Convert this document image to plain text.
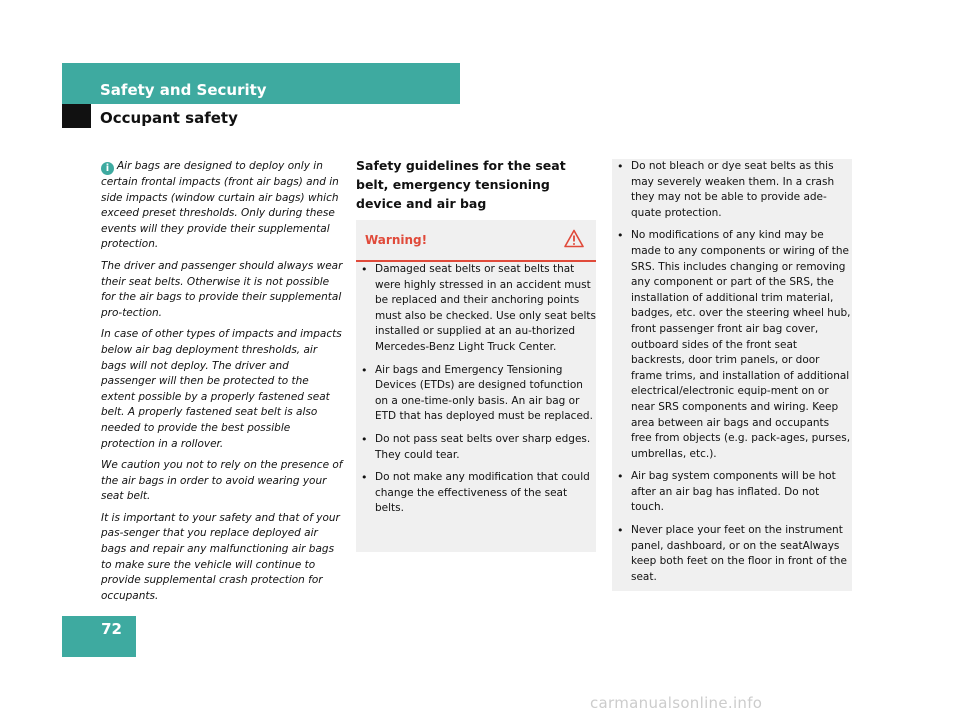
Safety and Security
Occupant safety

i Air bags are designed to deploy only in certain frontal impacts (front air bags) and in side impacts (window curtain air bags) which exceed preset thresholds. Only during these events will they provide their supplemental protection.

The driver and passenger should always wear their seat belts. Otherwise it is not possible for the air bags to provide their supplemental pro-tection.

In case of other types of impacts and impacts below air bag deployment thresholds, air bags will not deploy. The driver and passenger will then be protected to the extent possible by a properly fastened seat belt. A properly fastened seat belt is also needed to provide the best possible protection in a rollover.

We caution you not to rely on the presence of the air bags in order to avoid wearing your seat belt.

It is important to your safety and that of your pas-senger that you replace deployed air bags and repair any malfunctioning air bags to make sure the vehicle will continue to provide supplemental crash protection for occupants.

Safety guidelines for the seat belt, emergency tensioning device and air bag
Warning!
• Damaged seat belts or seat belts that were highly stressed in an accident must be replaced and their anchoring points must also be checked. Use only seat belts installed or supplied at an au-thorized Mercedes-Benz Light Truck Center.
• Air bags and Emergency Tensioning Devices (ETDs) are designed tofunction on a one-time-only basis. An air bag or ETD that has deployed must be replaced.
• Do not pass seat belts over sharp edges. They could tear.
• Do not make any modification that could change the effectiveness of the seat belts.
• Do not bleach or dye seat belts as this may severely weaken them. In a crash they may not be able to provide ade-quate protection.
• No modifications of any kind may be made to any components or wiring of the SRS. This includes changing or removing any component or part of the SRS, the installation of additional trim material, badges, etc. over the steering wheel hub, front passenger front air bag cover, outboard sides of the front seat backrests, door trim panels, or door frame trims, and installation of additional electrical/electronic equip-ment on or near SRS components and wiring. Keep area between air bags and occupants free from objects (e.g. pack-ages, purses, umbrellas, etc.).
• Air bag system components will be hot after an air bag has inflated. Do not touch.
• Never place your feet on the instrument panel, dashboard, or on the seatAlways keep both feet on the floor in front of the seat.
72
carmanualsonline.info
